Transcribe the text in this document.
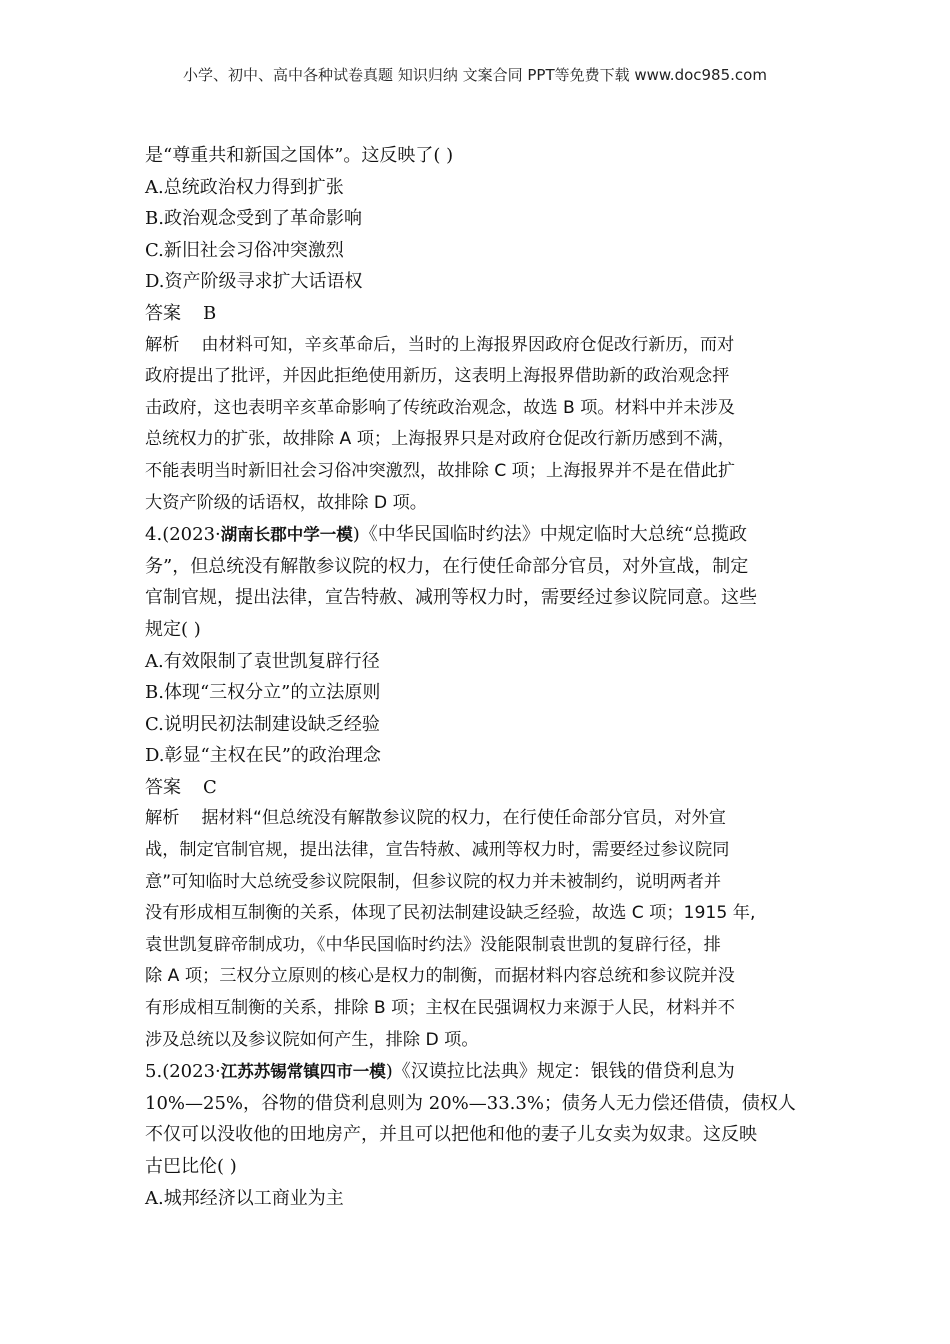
小学、初中、高中各种试卷真题 知识归纳 文案合同 PPT等免费下载 www.doc985.com
是“尊重共和新国之国体”。这反映了( )
A.总统政治权力得到扩张
B.政治观念受到了革命影响
C.新旧社会习俗冲突激烈
D.资产阶级寻求扩大话语权
答案 B
解析 由材料可知，辛亥革命后，当时的上海报界因政府仓促改行新历，而对
政府提出了批评，并因此拒绝使用新历，这表明上海报界借助新的政治观念抨
击政府，这也表明辛亥革命影响了传统政治观念，故选 B 项。材料中并未涉及
总统权力的扩张，故排除 A 项；上海报界只是对政府仓促改行新历感到不满，
不能表明当时新旧社会习俗冲突激烈，故排除 C 项；上海报界并不是在借此扩
大资产阶级的话语权，故排除 D 项。
4.(2023·湖南长郡中学一模)《中华民国临时约法》中规定临时大总统“总揽政
务”，但总统没有解散参议院的权力，在行使任命部分官员，对外宣战，制定
官制官规，提出法律，宣告特赦、减刑等权力时，需要经过参议院同意。这些
规定( )
A.有效限制了袁世凯复辟行径
B.体现“三权分立”的立法原则
C.说明民初法制建设缺乏经验
D.彰显“主权在民”的政治理念
答案 C
解析 据材料“但总统没有解散参议院的权力，在行使任命部分官员，对外宣
战，制定官制官规，提出法律，宣告特赦、减刑等权力时，需要经过参议院同
意”可知临时大总统受参议院限制，但参议院的权力并未被制约，说明两者并
没有形成相互制衡的关系，体现了民初法制建设缺乏经验，故选 C 项；1915 年,
袁世凯复辟帝制成功，《中华民国临时约法》没能限制袁世凯的复辟行径，排
除 A 项；三权分立原则的核心是权力的制衡，而据材料内容总统和参议院并没
有形成相互制衡的关系，排除 B 项；主权在民强调权力来源于人民，材料并不
涉及总统以及参议院如何产生，排除 D 项。
5.(2023·江苏苏锡常镇四市一模)《汉谟拉比法典》规定：银钱的借贷利息为
10%—25%，谷物的借贷利息则为 20%—33.3%；债务人无力偿还借债，债权人
不仅可以没收他的田地房产，并且可以把他和他的妻子儿女卖为奴隶。这反映
古巴比伦( )
A.城邦经济以工商业为主
